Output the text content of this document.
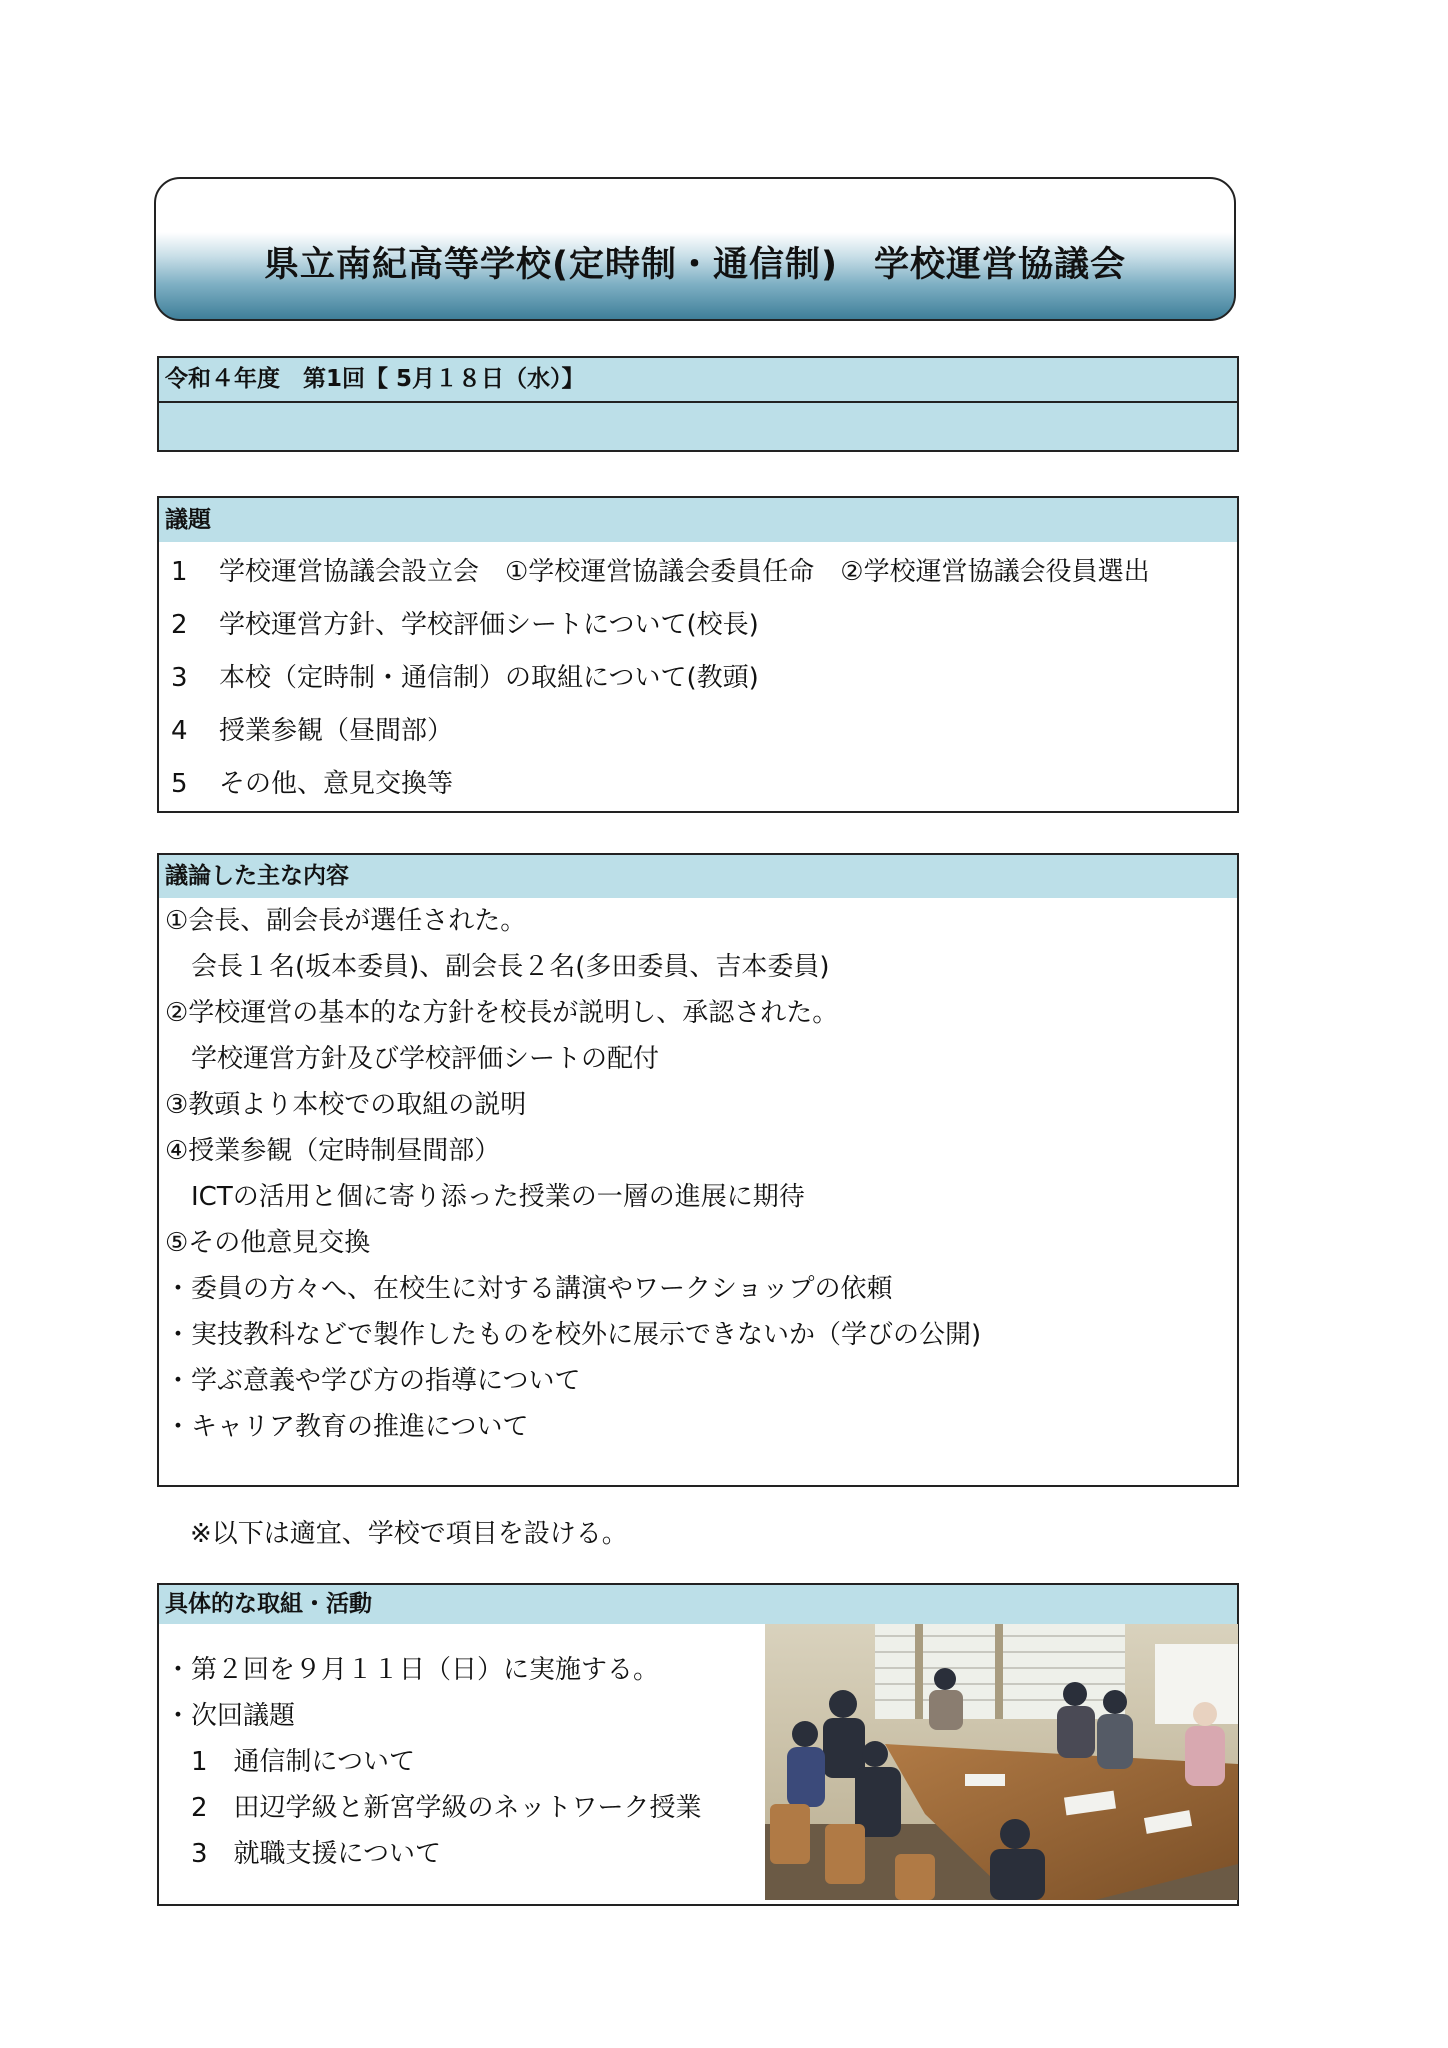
県立南紀高等学校(定時制・通信制)　学校運営協議会
令和４年度　第1回【 5月１８日（水）】
議題
1	学校運営協議会設立会　①学校運営協議会委員任命　②学校運営協議会役員選出
2	学校運営方針、学校評価シートについて(校長)
3	本校（定時制・通信制）の取組について(教頭)
4	授業参観（昼間部）
5	その他、意見交換等
議論した主な内容
①会長、副会長が選任された。
　会長１名(坂本委員)、副会長２名(多田委員、吉本委員)
②学校運営の基本的な方針を校長が説明し、承認された。
　学校運営方針及び学校評価シートの配付
③教頭より本校での取組の説明
④授業参観（定時制昼間部）
　ICTの活用と個に寄り添った授業の一層の進展に期待
⑤その他意見交換
・委員の方々へ、在校生に対する講演やワークショップの依頼
・実技教科などで製作したものを校外に展示できないか（学びの公開)
・学ぶ意義や学び方の指導について
・キャリア教育の推進について
※以下は適宜、学校で項目を設ける。
具体的な取組・活動
・第２回を９月１１日（日）に実施する。
・次回議題
　1　通信制について
　2　田辺学級と新宮学級のネットワーク授業
　3　就職支援について
